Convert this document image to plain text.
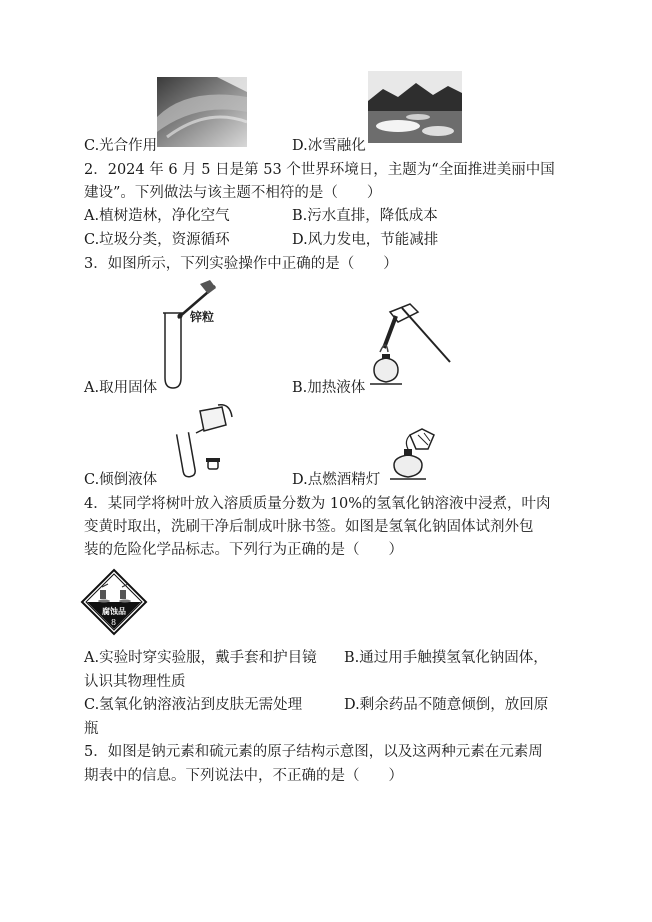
C.光合作用	D.冰雪融化
2．2024 年 6 月 5 日是第 53 个世界环境日，主题为“全面推进美丽中国
建设”。下列做法与该主题不相符的是（　　）
A.植树造林，净化空气	B.污水直排，降低成本
C.垃圾分类，资源循环	D.风力发电，节能减排
3．如图所示，下列实验操作中正确的是（　　）
锌粒
A.取用固体	B.加热液体
C.倾倒液体	D.点燃酒精灯
4．某同学将树叶放入溶质质量分数为 10%的氢氧化钠溶液中浸煮，叶肉
变黄时取出，洗刷干净后制成叶脉书签。如图是氢氧化钠固体试剂外包
装的危险化学品标志。下列行为正确的是（　　）
腐蚀品
8
A.实验时穿实验服，戴手套和护目镜 B.通过用手触摸氢氧化钠固体，
认识其物理性质
C.氢氧化钠溶液沾到皮肤无需处理	D.剩余药品不随意倾倒，放回原
瓶
5．如图是钠元素和硫元素的原子结构示意图，以及这两种元素在元素周
期表中的信息。下列说法中，不正确的是（　　）
